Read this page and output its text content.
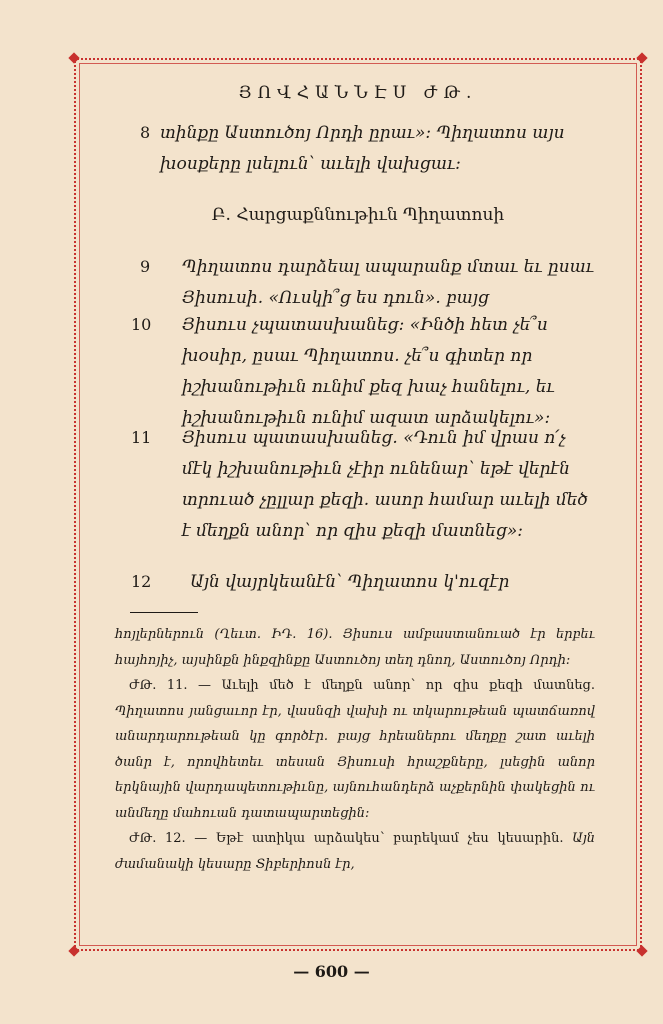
ՅՈՎՀԱՆՆԷՍ ԺԹ.
8 տինքը Աստուծոյ Որդի ըրաւ»: Պիղատոս այս խօսքերը լսելուն՝ աւելի վախցաւ:
Բ. Հարցաքննութիւն Պիղատոսի
9 Պիղատոս դարձեալ ապարանք մտաւ եւ ըսաւ Յիսուսի. «Ուսկի՞ց ես դուն». բայց
10 Յիսուս չպատասխանեց: «Ինծի հետ չե՞ս խօսիր, ըսաւ Պիղատոս. չե՞ս գիտեր որ իշխանութիւն ունիմ քեզ խաչ հանելու, եւ իշխանութիւն ունիմ ազատ արձակելու»:
11 Յիսուս պատասխանեց. «Դուն իմ վրաս ո՛չ մէկ իշխանութիւն չէիր ունենար՝ եթէ վերէն տրուած չըլլար քեզի. ասոր համար աւելի մեծ է մեղքն անոր՝ որ զիս քեզի մատնեց»:
12 Այն վայրկեանէն՝ Պիղատոս կ'ուզէր

հոյլերներուն (Ղեւտ. ԻԴ. 16). Յիսուս ամբաստանուած էր երբեւ հայհոյիչ, այսինքն ինքզինքը Աստուծոյ տեղ դնող, Աստուծոյ Որդի:

ԺԹ. 11. — Աւելի մեծ է մեղքն անոր՝ որ զիս քեզի մատնեց. Պիղատոս յանցաւոր էր, վասնզի վախի ու տկարութեան պատճառով անարդարութեան կը գործէր. բայց հրեաներու մեղքը շատ աւելի ծանր է, որովհետեւ տեսան Յիսուսի հրաշքները, լսեցին անոր երկնային վարդապետութիւնը, այնուհանդերձ աչքերնին փակեցին ու անմեղը մահուան դատապարտեցին:

ԺԹ. 12. — Եթէ ատիկա արձակես՝ բարեկամ չես կեսարին. Այն ժամանակի կեսարը Տիբերիոսն էր,

— 600 —
